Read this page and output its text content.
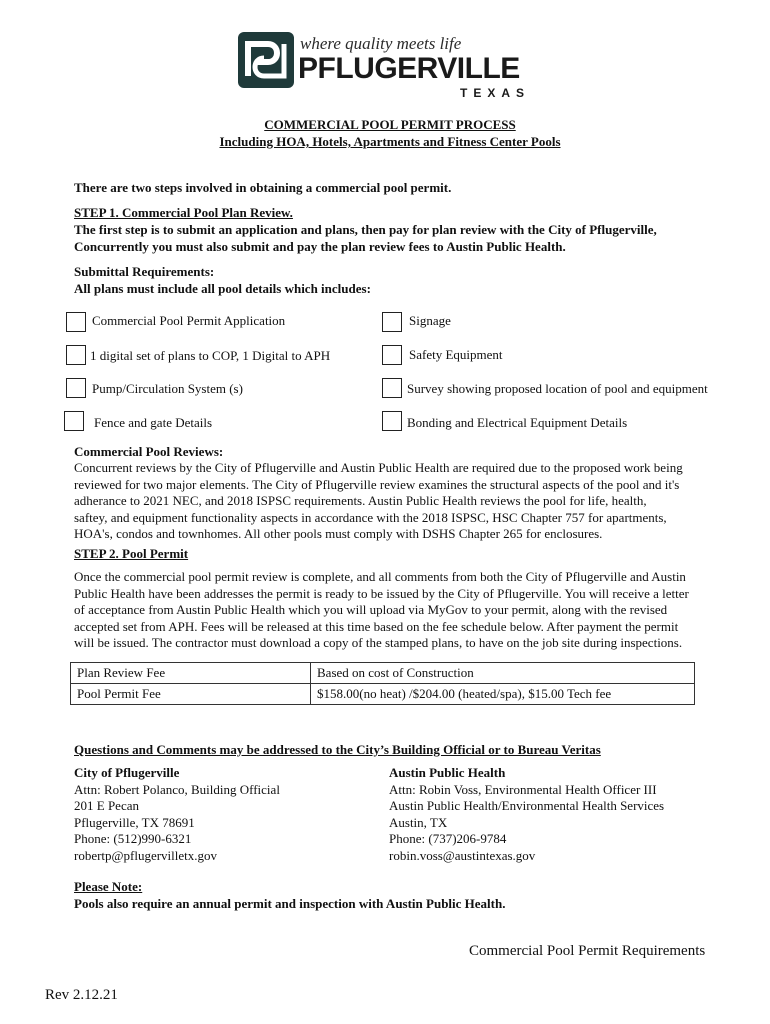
where quality meets life
PFLUGERVILLE
TEXAS
COMMERCIAL POOL PERMIT PROCESS
Including HOA, Hotels, Apartments and Fitness Center Pools
There are two steps involved in obtaining a commercial pool permit.
STEP 1. Commercial Pool Plan Review.
The first step is to submit an application and plans, then pay for plan review with the City of Pflugerville,
Concurrently you must also submit and pay the plan review fees to Austin Public Health.
Submittal Requirements:
All plans must include all pool details which includes:
Commercial Pool Permit Application
1 digital set of plans to COP, 1 Digital to APH
Pump/Circulation System (s)
Fence and gate Details
Signage
Safety Equipment
Survey showing proposed location of pool and equipment
Bonding and Electrical Equipment Details
Commercial Pool Reviews:
Concurrent reviews by the City of Pflugerville and Austin Public Health are required due to the proposed work being
reviewed for two major elements. The City of Pflugerville review examines the structural aspects of the pool and it's
adherance to 2021 NEC, and 2018 ISPSC requirements. Austin Public Health reviews the pool for life, health,
saftey, and equipment functionality aspects in accordance with the 2018 ISPSC, HSC Chapter 757 for apartments,
HOA's, condos and townhomes. All other pools must comply with DSHS Chapter 265 for enclosures.
STEP 2. Pool Permit
Once the commercial pool permit review is complete, and all comments from both the City of Pflugerville and Austin
Public Health have been addresses the permit is ready to be issued by the City of Pflugerville. You will receive a letter
of acceptance from Austin Public Health which you will upload via MyGov to your permit, along with the revised
accepted set from APH. Fees will be released at this time based on the fee schedule below. After payment the permit
will be issued. The contractor must download a copy of the stamped plans, to have on the job site during inspections.
Plan Review Fee	Based on cost of Construction
Pool Permit Fee	$158.00(no heat) /$204.00 (heated/spa), $15.00 Tech fee
Questions and Comments may be addressed to the City’s Building Official or to Bureau Veritas
City of Pflugerville
Attn: Robert Polanco, Building Official
201 E Pecan
Pflugerville, TX 78691
Phone: (512)990-6321
robertp@pflugervilletx.gov
Austin Public Health
Attn: Robin Voss, Environmental Health Officer III
Austin Public Health/Environmental Health Services
Austin, TX
Phone: (737)206-9784
robin.voss@austintexas.gov
Please Note:
Pools also require an annual permit and inspection with Austin Public Health.
Commercial Pool Permit Requirements
Rev 2.12.21
